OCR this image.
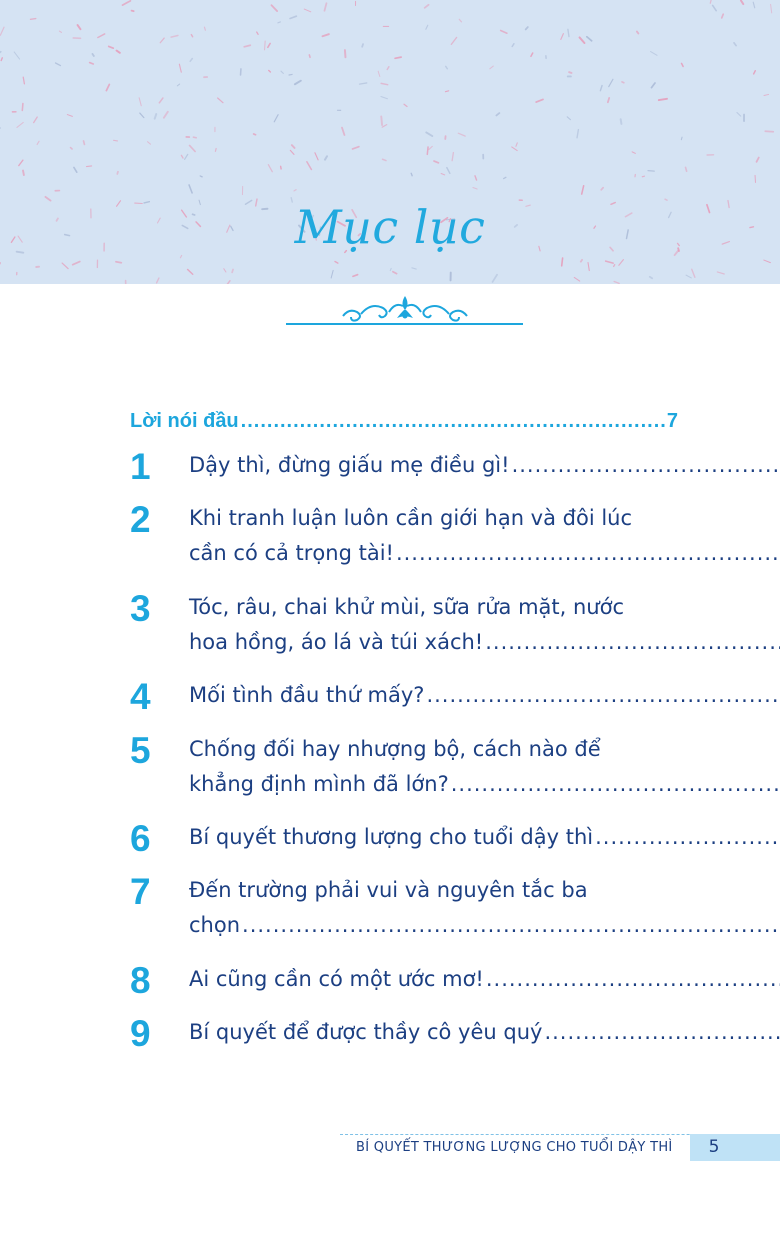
Mục lục
Lời nói đầu
.....	7
1	Dậy thì, đừng giấu mẹ điều gì!
.....
2	Khi tranh luận luôn cần giới hạn và đôi lúc
cần có cả trọng tài!
.....
3	Tóc, râu, chai khử mùi, sữa rửa mặt, nước
hoa hồng, áo lá và túi xách!
.....
4	Mối tình đầu thứ mấy?
.....
5	Chống đối hay nhượng bộ, cách nào để
khẳng định mình đã lớn?
.....
6	Bí quyết thương lượng cho tuổi dậy thì
.....
7	Đến trường phải vui và nguyên tắc ba
chọn
.....
8	Ai cũng cần có một ước mơ!
.....
9	Bí quyết để được thầy cô yêu quý
.....
BÍ QUYẾT THƯƠNG LƯỢNG CHO TUỔI DẬY THÌ	5
